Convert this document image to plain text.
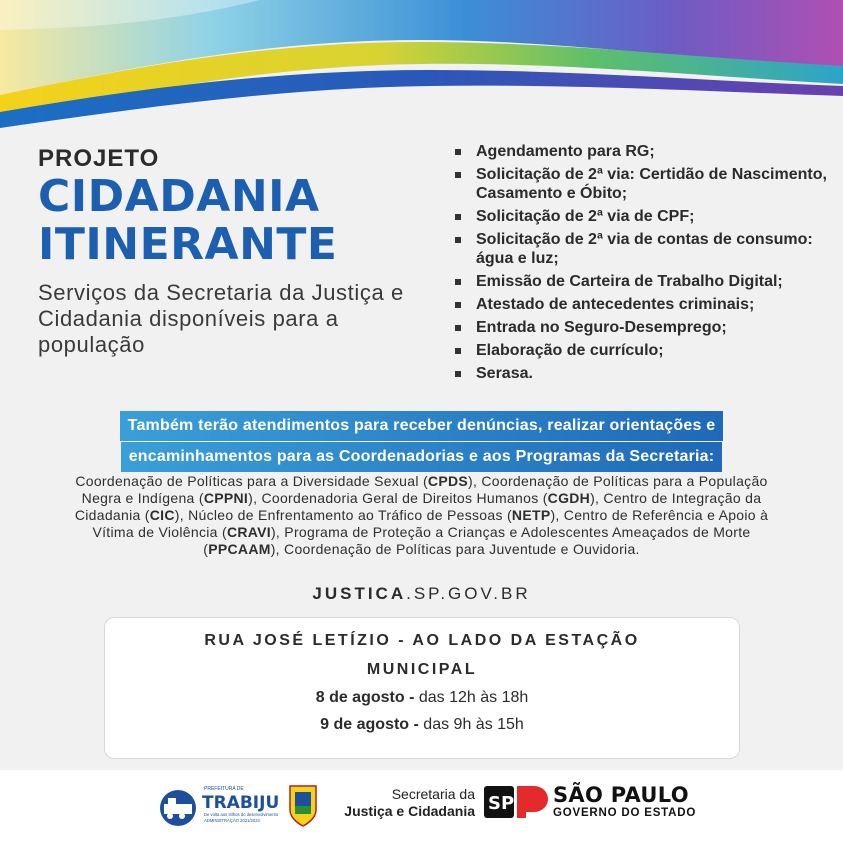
PROJETO
CIDADANIA
ITINERANTE
Serviços da Secretaria da Justiça e Cidadania disponíveis para a população
Agendamento para RG;
Solicitação de 2ª via: Certidão de Nascimento, Casamento e Óbito;
Solicitação de 2ª via de CPF;
Solicitação de 2ª via de contas de consumo: água e luz;
Emissão de Carteira de Trabalho Digital;
Atestado de antecedentes criminais;
Entrada no Seguro-Desemprego;
Elaboração de currículo;
Serasa.
Também terão atendimentos para receber denúncias, realizar orientações e
encaminhamentos para as Coordenadorias e aos Programas da Secretaria:
Coordenação de Políticas para a Diversidade Sexual (CPDS), Coordenação de Políticas para a População Negra e Indígena (CPPNI), Coordenadoria Geral de Direitos Humanos (CGDH), Centro de Integração da Cidadania (CIC), Núcleo de Enfrentamento ao Tráfico de Pessoas (NETP), Centro de Referência e Apoio à Vítima de Violência (CRAVI), Programa de Proteção a Crianças e Adolescentes Ameaçados de Morte (PPCAAM), Coordenação de Políticas para Juventude e Ouvidoria.
JUSTICA.SP.GOV.BR
RUA JOSÉ LETÍZIO - AO LADO DA ESTAÇÃO MUNICIPAL
8 de agosto - das 12h às 18h
9 de agosto - das 9h às 15h
PREFEITURA DE
TRABIJU
De volta aos trilhos do desenvolvimento
ADMINISTRAÇÃO 2021/2024
Secretaria da
Justiça e Cidadania SP SÃO PAULO
GOVERNO DO ESTADO
